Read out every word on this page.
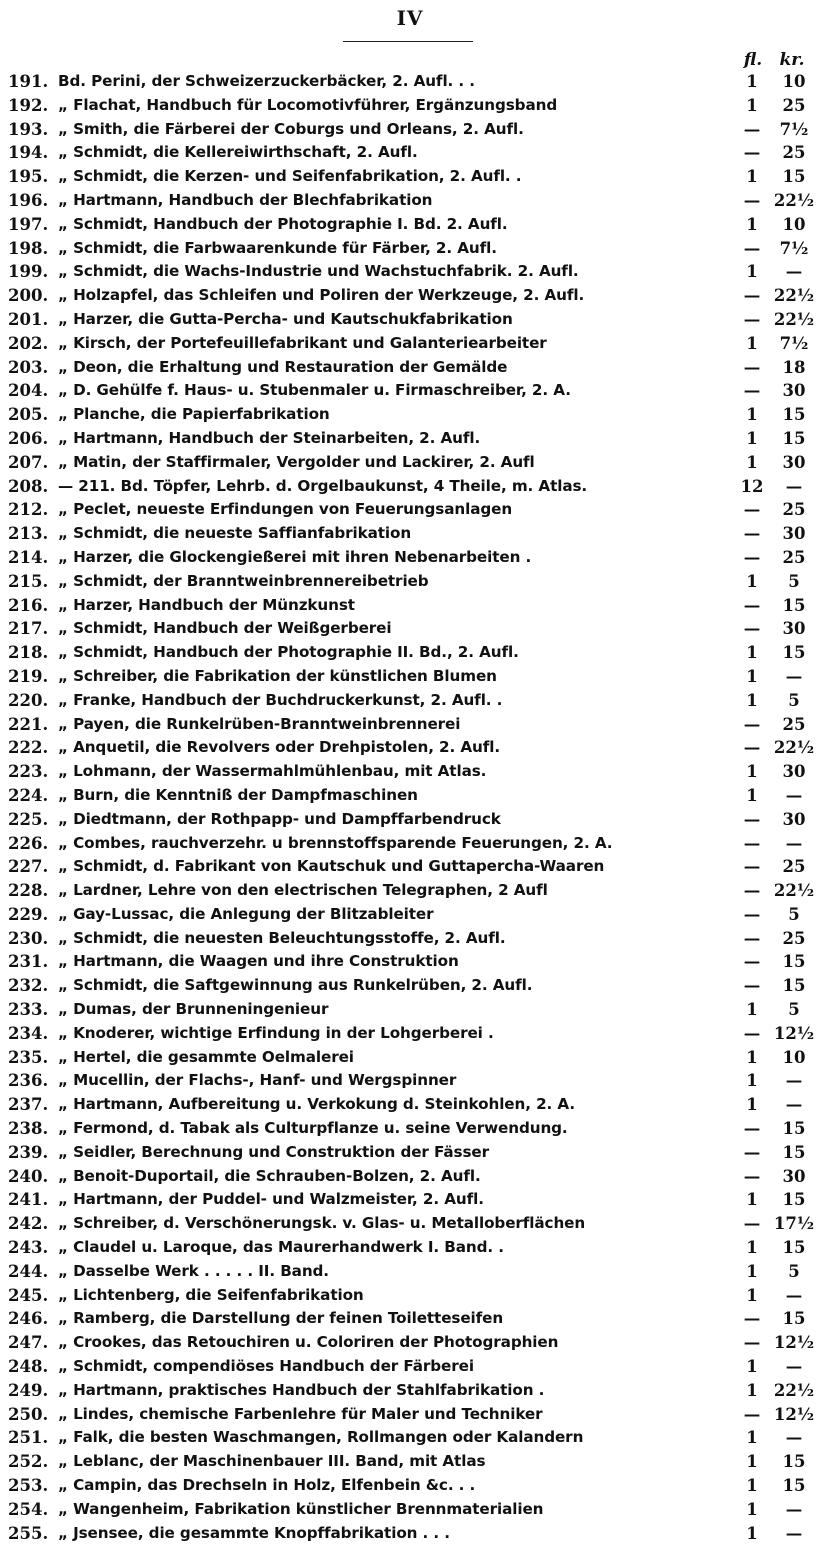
IV
fl.	kr.
191. Bd. Perini, der Schweizerzuckerbäcker, 2. Aufl. . .	1	10
192. „ Flachat, Handbuch für Locomotivführer, Ergänzungsband	1	25
193. „ Smith, die Färberei der Coburgs und Orleans, 2. Aufl.	—	7½
194. „ Schmidt, die Kellereiwirthschaft, 2. Aufl.	—	25
195. „ Schmidt, die Kerzen- und Seifenfabrikation, 2. Aufl. .	1	15
196. „ Hartmann, Handbuch der Blechfabrikation	— 22½
197. „ Schmidt, Handbuch der Photographie I. Bd. 2. Aufl.	1	10
198. „ Schmidt, die Farbwaarenkunde für Färber, 2. Aufl.	—	7½
199. „ Schmidt, die Wachs-Industrie und Wachstuchfabrik. 2. Aufl.	1	—
200. „ Holzapfel, das Schleifen und Poliren der Werkzeuge, 2. Aufl.	— 22½
201. „ Harzer, die Gutta-Percha- und Kautschukfabrikation	— 22½
202. „ Kirsch, der Portefeuillefabrikant und Galanteriearbeiter	1	7½
203. „ Deon, die Erhaltung und Restauration der Gemälde	—	18
204. „ D. Gehülfe f. Haus- u. Stubenmaler u. Firmaschreiber, 2. A.	—	30
205. „ Planche, die Papierfabrikation	1	15
206. „ Hartmann, Handbuch der Steinarbeiten, 2. Aufl.	1	15
207. „ Matin, der Staffirmaler, Vergolder und Lackirer, 2. Aufl	1	30
208. — 211. Bd. Töpfer, Lehrb. d. Orgelbaukunst, 4 Theile, m. Atlas.	12	—
212. „ Peclet, neueste Erfindungen von Feuerungsanlagen	—	25
213. „ Schmidt, die neueste Saffianfabrikation	—	30
214. „ Harzer, die Glockengießerei mit ihren Nebenarbeiten .	—	25
215. „ Schmidt, der Branntweinbrennereibetrieb	1	5
216. „ Harzer, Handbuch der Münzkunst	—	15
217. „ Schmidt, Handbuch der Weißgerberei	—	30
218. „ Schmidt, Handbuch der Photographie II. Bd., 2. Aufl.	1	15
219. „ Schreiber, die Fabrikation der künstlichen Blumen	1	—
220. „ Franke, Handbuch der Buchdruckerkunst, 2. Aufl. .	1	5
221. „ Payen, die Runkelrüben-Branntweinbrennerei	—	25
222. „ Anquetil, die Revolvers oder Drehpistolen, 2. Aufl.	— 22½
223. „ Lohmann, der Wassermahlmühlenbau, mit Atlas.	1	30
224. „ Burn, die Kenntniß der Dampfmaschinen	1	—
225. „ Diedtmann, der Rothpapp- und Dampffarbendruck	—	30
226. „ Combes, rauchverzehr. u brennstoffsparende Feuerungen, 2. A.	—	—
227. „ Schmidt, d. Fabrikant von Kautschuk und Guttapercha-Waaren	—	25
228. „ Lardner, Lehre von den electrischen Telegraphen, 2 Aufl	— 22½
229. „ Gay-Lussac, die Anlegung der Blitzableiter	—	5
230. „ Schmidt, die neuesten Beleuchtungsstoffe, 2. Aufl.	—	25
231. „ Hartmann, die Waagen und ihre Construktion	—	15
232. „ Schmidt, die Saftgewinnung aus Runkelrüben, 2. Aufl.	—	15
233. „ Dumas, der Brunneningenieur	1	5
234. „ Knoderer, wichtige Erfindung in der Lohgerberei .	— 12½
235. „ Hertel, die gesammte Oelmalerei	1	10
236. „ Mucellin, der Flachs-, Hanf- und Wergspinner	1	—
237. „ Hartmann, Aufbereitung u. Verkokung d. Steinkohlen, 2. A.	1	—
238. „ Fermond, d. Tabak als Culturpflanze u. seine Verwendung.	—	15
239. „ Seidler, Berechnung und Construktion der Fässer	—	15
240. „ Benoit-Duportail, die Schrauben-Bolzen, 2. Aufl.	—	30
241. „ Hartmann, der Puddel- und Walzmeister, 2. Aufl.	1	15
242. „ Schreiber, d. Verschönerungsk. v. Glas- u. Metalloberflächen	— 17½
243. „ Claudel u. Laroque, das Maurerhandwerk I. Band. .	1	15
244. „ Dasselbe Werk . . . . . II. Band.	1	5
245. „ Lichtenberg, die Seifenfabrikation	1	—
246. „ Ramberg, die Darstellung der feinen Toiletteseifen	—	15
247. „ Crookes, das Retouchiren u. Coloriren der Photographien	— 12½
248. „ Schmidt, compendiöses Handbuch der Färberei	1	—
249. „ Hartmann, praktisches Handbuch der Stahlfabrikation .	1 22½
250. „ Lindes, chemische Farbenlehre für Maler und Techniker	— 12½
251. „ Falk, die besten Waschmangen, Rollmangen oder Kalandern	1	—
252. „ Leblanc, der Maschinenbauer III. Band, mit Atlas	1	15
253. „ Campin, das Drechseln in Holz, Elfenbein &c. . .	1	15
254. „ Wangenheim, Fabrikation künstlicher Brennmaterialien	1	—
255. „ Jsensee, die gesammte Knopffabrikation . . .	1	—
